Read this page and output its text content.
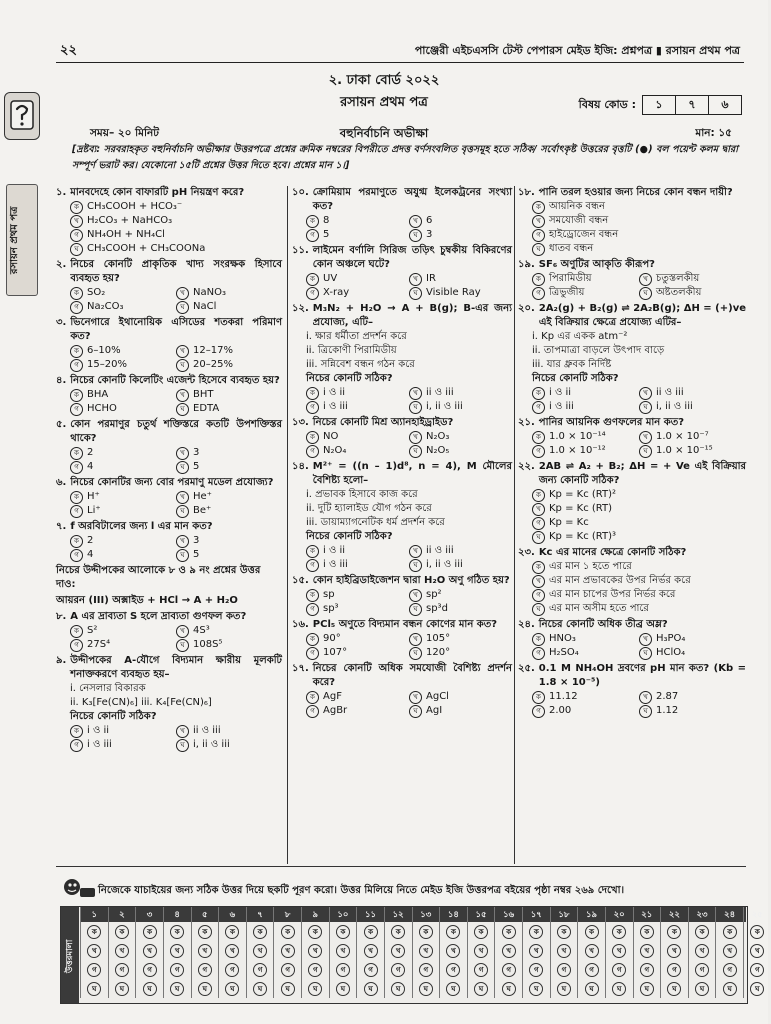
২২	পাঞ্জেরী এইচএসসি টেস্ট পেপারস মেইড ইজি: প্রশ্নপত্র ▮ রসায়ন প্রথম পত্র
রসায়ন প্রথম পত্র
২. ঢাকা বোর্ড ২০২২
রসায়ন প্রথম পত্র	বিষয় কোড :	১	৭	৬
সময়– ২০ মিনিট	বহুনির্বাচনি অভীক্ষা	মান: ১৫
[দ্রষ্টব্য: সরবরাহকৃত বহুনির্বাচনি অভীক্ষার উত্তরপত্রে প্রশ্নের ক্রমিক নম্বরের বিপরীতে প্রদত্ত বর্ণসংবলিত বৃত্তসমূহ হতে সঠিক/ সর্বোৎকৃষ্ট উত্তরের বৃত্তটি (●) বল পয়েন্ট কলম দ্বারা সম্পূর্ণ ভরাট কর। যেকোনো ১৫টি প্রশ্নের উত্তর দিতে হবে। প্রশ্নের মান ১।]
১. মানবদেহে কোন বাফারটি pH নিয়ন্ত্রণ করে?
ক CH₃COOH + HCO₃⁻
খ H₂CO₃ + NaHCO₃
গ NH₄OH + NH₄Cl
ঘ CH₃COOH + CH₃COONa
২. নিচের কোনটি প্রাকৃতিক খাদ্য সংরক্ষক হিসাবে ব্যবহৃত হয়?
ক SO₂	খ NaNO₃
গ Na₂CO₃	ঘ NaCl
৩. ভিনেগারে ইথানোয়িক এসিডের শতকরা পরিমাণ কত?
ক 6–10%	খ 12–17%
গ 15–20%	ঘ 20–25%
৪. নিচের কোনটি কিলেটিং এজেন্ট হিসেবে ব্যবহৃত হয়?
ক BHA	খ BHT
গ HCHO	ঘ EDTA
৫. কোন পরমাণুর চতুর্থ শক্তিস্তরে কতটি উপশক্তিস্তর থাকে?
ক 2	খ 3
গ 4	ঘ 5
৬. নিচের কোনটির জন্য বোর পরমাণু মডেল প্রযোজ্য?
ক H⁺	খ He⁺
গ Li⁺	ঘ Be⁺
৭. f অরবিটালের জন্য l এর মান কত?
ক 2	খ 3
গ 4	ঘ 5
নিচের উদ্দীপকের আলোকে ৮ ও ৯ নং প্রশ্নের উত্তর দাও:
আয়রন (III) অক্সাইড + HCl → A + H₂O
৮. A এর দ্রাব্যতা S হলে দ্রাব্যতা গুণফল কত?
ক S²	খ 4S³
গ 27S⁴	ঘ 108S⁵
৯. উদ্দীপকের A-যৌগে বিদ্যমান ক্ষারীয় মূলকটি শনাক্তকরণে ব্যবহৃত হয়–
i. নেসলার বিকারক
ii. K₃[Fe(CN)₆] iii. K₄[Fe(CN)₆]
নিচের কোনটি সঠিক?
ক i ও ii	খ ii ও iii
গ i ও iii	ঘ i, ii ও iii
১০. ক্রোমিয়াম পরমাণুতে অযুগ্ম ইলেকট্রনের সংখ্যা কত?
ক 8	খ 6
গ 5	ঘ 3
১১. লাইমেন বর্ণালি সিরিজ তড়িৎ চুম্বকীয় বিকিরণের কোন অঞ্চলে ঘটে?
ক UV	খ IR
গ X-ray	ঘ Visible Ray
১২. M₃N₂ + H₂O → A + B(g); B-এর জন্য প্রযোজ্য, এটি–
i. ক্ষার ধর্মীতা প্রদর্শন করে
ii. ত্রিকোণী পিরামিডীয়
iii. সন্নিবেশ বন্ধন গঠন করে
নিচের কোনটি সঠিক?
ক i ও ii	খ ii ও iii
গ i ও iii	ঘ i, ii ও iii
১৩. নিচের কোনটি মিশ্র অ্যানহাইড্রাইড?
ক NO	খ N₂O₃
গ N₂O₄	ঘ N₂O₅
১৪. M²⁺ = ((n – 1)d⁸, n = 4), M মৌলের বৈশিষ্ট্য হলো–
i. প্রভাবক হিসাবে কাজ করে
ii. দুটি হ্যালাইড যৌগ গঠন করে
iii. ডায়াম্যাগনেটিক ধর্ম প্রদর্শন করে
নিচের কোনটি সঠিক?
ক i ও ii	খ ii ও iii
গ i ও iii	ঘ i, ii ও iii
১৫. কোন হাইব্রিডাইজেশন দ্বারা H₂O অণু গঠিত হয়?
ক sp	খ sp²
গ sp³	ঘ sp³d
১৬. PCl₅ অণুতে বিদ্যমান বন্ধন কোণের মান কত?
ক 90°	খ 105°
গ 107°	ঘ 120°
১৭. নিচের কোনটি অধিক সমযোজী বৈশিষ্ট্য প্রদর্শন করে?
ক AgF	খ AgCl
গ AgBr	ঘ AgI
১৮. পানি তরল হওয়ার জন্য নিচের কোন বন্ধন দায়ী?
ক আয়নিক বন্ধন
খ সমযোজী বন্ধন
গ হাইড্রোজেন বন্ধন
ঘ ধাতব বন্ধন
১৯. SF₆ অণুটির আকৃতি কীরূপ?
ক পিরামিডীয়	খ চতুস্তলকীয়
গ ত্রিভুজীয়	ঘ অষ্টতলকীয়
২০. 2A₂(g) + B₂(g) ⇌ 2A₂B(g); ΔH = (+)ve এই বিক্রিয়ার ক্ষেত্রে প্রযোজ্য এটির–
i. Kp এর একক atm⁻²
ii. তাপমাত্রা বাড়লে উৎপাদ বাড়ে
iii. যার ধ্রুবক নির্দিষ্ট
নিচের কোনটি সঠিক?
ক i ও ii	খ ii ও iii
গ i ও iii	ঘ i, ii ও iii
২১. পানির আয়নিক গুণফলের মান কত?
ক 1.0 × 10⁻¹⁴	খ 1.0 × 10⁻⁷
গ 1.0 × 10⁻¹²	ঘ 1.0 × 10⁻¹⁵
২২. 2AB ⇌ A₂ + B₂; ΔH = + Ve এই বিক্রিয়ার জন্য কোনটি সঠিক?
ক Kp = Kc (RT)²
খ Kp = Kc (RT)
গ Kp = Kc
ঘ Kp = Kc (RT)³
২৩. Kc এর মানের ক্ষেত্রে কোনটি সঠিক?
ক এর মান ১ হতে পারে
খ এর মান প্রভাবকের উপর নির্ভর করে
গ এর মান চাপের উপর নির্ভর করে
ঘ এর মান অসীম হতে পারে
২৪. নিচের কোনটি অধিক তীব্র অম্ল?
ক HNO₃	খ H₃PO₄
গ H₂SO₄	ঘ HClO₄
২৫. 0.1 M NH₄OH দ্রবণের pH মান কত? (Kb = 1.8 × 10⁻⁵)
ক 11.12	খ 2.87
গ 2.00	ঘ 1.12
নিজেকে যাচাইয়ের জন্য সঠিক উত্তর দিয়ে ছকটি পূরণ করো। উত্তর মিলিয়ে নিতে মেইড ইজি উত্তরপত্র বইয়ের পৃষ্ঠা নম্বর ২৬৯ দেখো।
উত্তরমালা
১	২	৩	৪	৫	৬	৭	৮	৯	১০	১১	১২	১৩	১৪	১৫	১৬	১৭	১৮	১৯	২০	২১	২২	২৩	২৪	২৫
ক	ক	ক	ক	ক	ক	ক	ক	ক	ক	ক	ক	ক	ক	ক	ক	ক	ক	ক	ক	ক	ক	ক	ক	ক
খ	খ	খ	খ	খ	খ	খ	খ	খ	খ	খ	খ	খ	খ	খ	খ	খ	খ	খ	খ	খ	খ	খ	খ	খ
গ	গ	গ	গ	গ	গ	গ	গ	গ	গ	গ	গ	গ	গ	গ	গ	গ	গ	গ	গ	গ	গ	গ	গ	গ
ঘ	ঘ	ঘ	ঘ	ঘ	ঘ	ঘ	ঘ	ঘ	ঘ	ঘ	ঘ	ঘ	ঘ	ঘ	ঘ	ঘ	ঘ	ঘ	ঘ	ঘ	ঘ	ঘ	ঘ	ঘ
